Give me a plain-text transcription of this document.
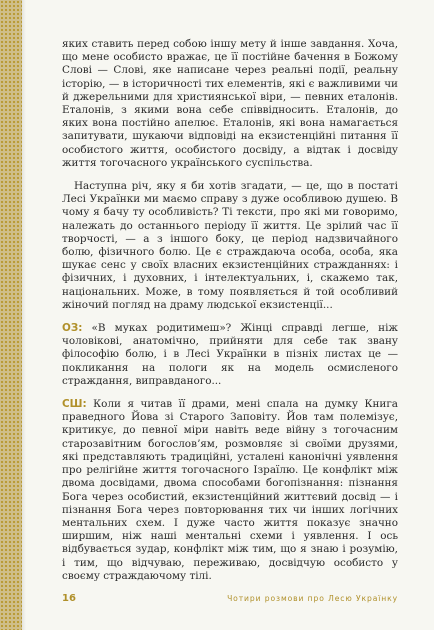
яких ставить перед собою іншу мету й інше завдання. Хоча, що мене особисто вражає, це її постійне бачення в Божому Слові — Слові, яке написане через реальні події, реальну історію, — в історичності тих елементів, які є важливими чи й джерельними для християнської віри, — певних еталонів. Еталонів, з якими вона себе співвідносить. Еталонів, до яких вона постійно апелює. Еталонів, які вона намагається запитувати, шукаючи відповіді на екзистенційні питання її особистого життя, особистого досвіду, а відтак і досвіду життя тогочасного українського суспільства.

Наступна річ, яку я би хотів згадати, — це, що в постаті Лесі Українки ми маємо справу з дуже особливою душею. В чому я бачу ту особливість? Ті тексти, про які ми говоримо, належать до останнього періоду її життя. Це зрілий час її творчості, — а з іншого боку, це період надзвичайного болю, фізичного болю. Це є страждаюча особа, особа, яка шукає сенс у своїх власних екзистенційних стражданнях: і фізичних, і духовних, і інтелектуальних, і, скажемо так, національних. Може, в тому появляється й той особливий жіночий погляд на драму людської екзистенції...

ОЗ: «В муках родитимеш»? Жінці справді легше, ніж чоловікові, анатомічно, прийняти для себе так звану філософію болю, і в Лесі Українки в пізніх листах це — покликання на пологи як на модель осмисленого страждання, виправданого...

СШ: Коли я читав її драми, мені спала на думку Книга праведного Йова зі Старого Заповіту. Йов там полемізує, критикує, до певної міри навіть веде війну з тогочасним старозавітним богословʼям, розмовляє зі своїми друзями, які представляють традиційні, усталені канонічні уявлення про релігійне життя тогочасного Ізраїлю. Це конфлікт між двома досвідами, двома способами богопізнання: пізнання Бога через особистий, екзистенційний життєвий досвід — і пізнання Бога через повторювання тих чи інших логічних ментальних схем. І дуже часто життя показує значно ширшим, ніж наші ментальні схеми і уявлення. І ось відбувається зудар, конфлікт між тим, що я знаю і розумію, і тим, що відчуваю, переживаю, досвідчую особисто у своєму страждаючому тілі.

16	Чотири розмови про Лесю Українку
